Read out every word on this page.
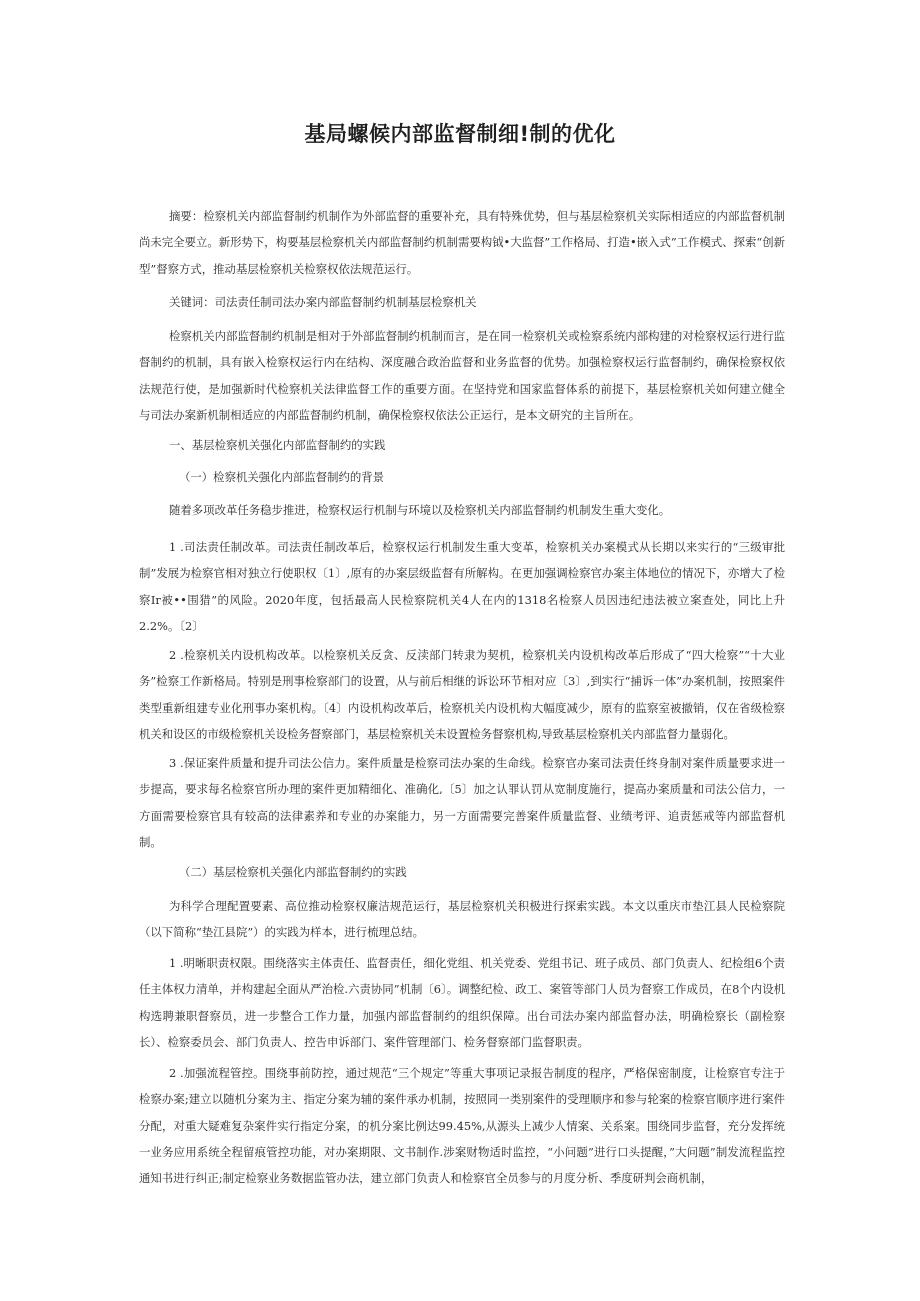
基局螺候内部监督制细!制的优化

摘要：检察机关内部监督制约机制作为外部监督的重要补充，具有特殊优势，但与基层检察机关实际相适应的内部监督机制尚未完全要立。新形势下，构要基层检察机关内部监督制约机制需要构钺•大监督”工作格局、打造•嵌入式”工作模式、探索“创新型”督察方式，推动基层检察机关检察权依法规范运行。

关键词：司法责任制司法办案内部监督制约机制基层检察机关

检察机关内部监督制约机制是相对于外部监督制约机制而言，是在同一检察机关或检察系统内部构建的对检察权运行进行监督制约的机制，具有嵌入检察权运行内在结构、深度融合政治监督和业务监督的优势。加强检察权运行监督制约，确保检察权依法规范行使，是加强新时代检察机关法律监督工作的重要方面。在坚持党和国家监督体系的前提下，基层检察机关如何建立健全与司法办案新机制相适应的内部监督制约机制，确保检察权依法公正运行，是本文研究的主旨所在。

一、基层检察机关强化内部监督制约的实践

（一）检察机关强化内部监督制约的背景

随着多项改革任务稳步推进，检察权运行机制与环境以及检察机关内部监督制约机制发生重大变化。

1 .司法责任制改革。司法责任制改革后，检察权运行机制发生重大变革，检察机关办案模式从长期以来实行的“三级审批制”发展为检察官相对独立行使职权〔1〕,原有的办案层级监督有所解构。在更加强调检察官办案主体地位的情况下，亦增大了检察Ir被••围猎”的风险。2020年度，包括最高人民检察院机关4人在内的1318名检察人员因违纪违法被立案查处，同比上升2.2%。〔2〕

2 .检察机关内设机构改革。以检察机关反贪、反渎部门转隶为契机，检察机关内设机构改革后形成了“四大检察”“十大业务”检察工作新格局。特别是刑事检察部门的设置，从与前后相继的诉讼环节相对应〔3〕,到实行“捕诉一体”办案机制，按照案件类型重新组建专业化刑事办案机构。〔4〕内设机构改革后，检察机关内设机构大幅度减少，原有的监察室被撤销，仅在省级检察机关和设区的市级检察机关设检务督察部门，基层检察机关未设置检务督察机构,导致基层检察机关内部监督力量弱化。

3 .保证案件质量和提升司法公信力。案件质量是检察司法办案的生命线。检察官办案司法责任终身制对案件质量要求进一步提高，要求每名检察官所办理的案件更加精细化、准确化,〔5〕加之认罪认罚从宽制度施行，提高办案质量和司法公信力，一方面需要检察官具有较高的法律素养和专业的办案能力，另一方面需要完善案件质量监督、业绩考评、追责惩戒等内部监督机制。

（二）基层检察机关强化内部监督制约的实践

为科学合理配置要素、高位推动检察权廉洁规范运行，基层检察机关积极进行探索实践。本文以重庆市垫江县人民检察院（以下简称“垫江县院”）的实践为样本，进行梳理总结。

1 .明晰职责权限。围绕落实主体责任、监督责任，细化党组、机关党委、党组书记、班子成员、部门负责人、纪检组6个责任主体权力清单，并构建起全面从严治检.六责协同”机制〔6〕。调整纪检、政工、案管等部门人员为督察工作成员，在8个内设机构选聘兼职督察员，进一步整合工作力量，加强内部监督制约的组织保障。出台司法办案内部监督办法，明确检察长（副检察长）、检察委员会、部门负责人、控告申诉部门、案件管理部门、检务督察部门监督职责。

2 .加强流程管控。围绕事前防控，通过规范“三个规定”等重大事项记录报告制度的程序，严格保密制度，让检察官专注于检察办案;建立以随机分案为主、指定分案为辅的案件承办机制，按照同一类别案件的受理顺序和参与轮案的检察官顺序进行案件分配，对重大疑难复杂案件实行指定分案，的机分案比例达99.45%,从源头上减少人情案、关系案。围绕同步监督，充分发挥统一业务应用系统全程留痕管控功能，对办案期限、文书制作.涉案财物适时监控，“小问题”进行口头提醒，”大问题”制发流程监控通知书进行纠正;制定检察业务数据监管办法，建立部门负责人和检察官全员参与的月度分析、季度研判会商机制，
